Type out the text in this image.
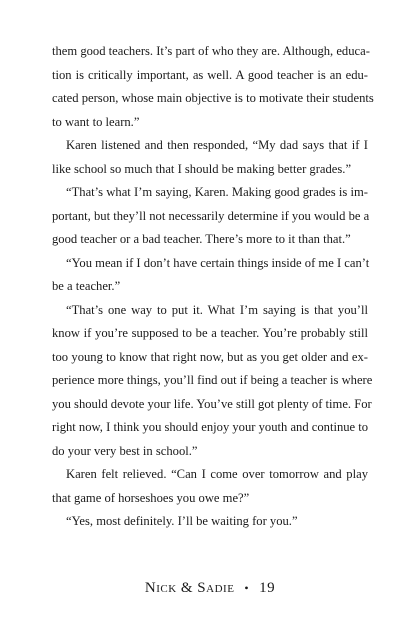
them good teachers. It’s part of who they are. Although, educa-
tion is critically important, as well. A good teacher is an edu-
cated person, whose main objective is to motivate their students
to want to learn.”
Karen listened and then responded, “My dad says that if I
like school so much that I should be making better grades.”
“That’s what I’m saying, Karen. Making good grades is im-
portant, but they’ll not necessarily determine if you would be a
good teacher or a bad teacher. There’s more to it than that.”
“You mean if I don’t have certain things inside of me I can’t
be a teacher.”
“That’s one way to put it. What I’m saying is that you’ll
know if you’re supposed to be a teacher. You’re probably still
too young to know that right now, but as you get older and ex-
perience more things, you’ll find out if being a teacher is where
you should devote your life. You’ve still got plenty of time. For
right now, I think you should enjoy your youth and continue to
do your very best in school.”
Karen felt relieved. “Can I come over tomorrow and play
that game of horseshoes you owe me?”
“Yes, most definitely. I’ll be waiting for you.”
Nick & Sadie • 19
